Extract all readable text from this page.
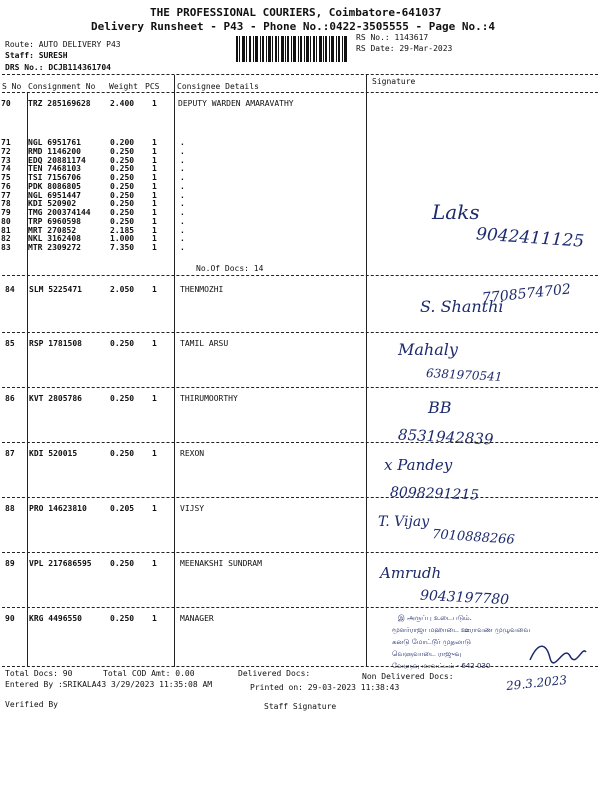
THE PROFESSIONAL COURIERS, Coimbatore-641037
Delivery Runsheet - P43 - Phone No.:0422-3505555 - Page No.:4
Route: AUTO DELIVERY P43
Staff: SURESH
DRS No.: DCJB114361704
RS No.: 1143617
RS Date: 29-Mar-2023
S No Consignment No Weight PCS Consignee Details
Signature
70 TRZ 285169628 2.400 1	DEPUTY WARDEN AMARAVATHY
71 NGL 6951761	0.200 1	.
72 RMD 1146200	0.250 1	.
73 EDQ 20881174	0.250 1	.
74 TEN 7468103	0.250 1	.
75 TSI 7156706	0.250 1	.
76 PDK 8086805	0.250 1	.
77 NGL 6951447	0.250 1	.
78 KDI 520902	0.250 1	.
79 TMG 200374144 0.250 1	.
80 TRP 6960598	0.250 1	.
81 MRT 270852	2.185 1	.
82 NKL 3162408	1.000 1	.
83 MTR 2309272	7.350 1	.
No.Of Docs: 14
Laks
9042411125
84 SLM 5225471	2.050 1	THENMOZHI
S. Shanthi
7708574702
85 RSP 1781508	0.250 1	TAMIL ARSU	Mahaly
6381970541
86 KVT 2805786	0.250 1	THIRUMOORTHY	BB
8531942839
87 KDI 520015	0.250 1	REXON
x Pandey
8098291215
88 PRO 14623810	0.205 1	VIJSY
T. Vijay
7010888266
89 VPL 217686595 0.250 1	MEENAKSHI SUNDRAM
Amrudh
9043197780
90 KRG 4496550	0.250 1	MANAGER	இ அருப்பு உடைபடும்.
மூளர்ராஜா மஹாடை ஊராவண முழுவவை
கனடு மோட்டூர் முதலாடு
வெளுவாடை ராஜுவு
வேளுவு மாவட்டம் - 642 030
29.3.2023
Total Docs: 90	Total COD Amt: 0.00	Delivered Docs:	Non Delivered Docs:
Entered By :SRIKALA43 3/29/2023 11:35:08 AM	Printed on: 29-03-2023 11:38:43
Verified By	Staff Signature
